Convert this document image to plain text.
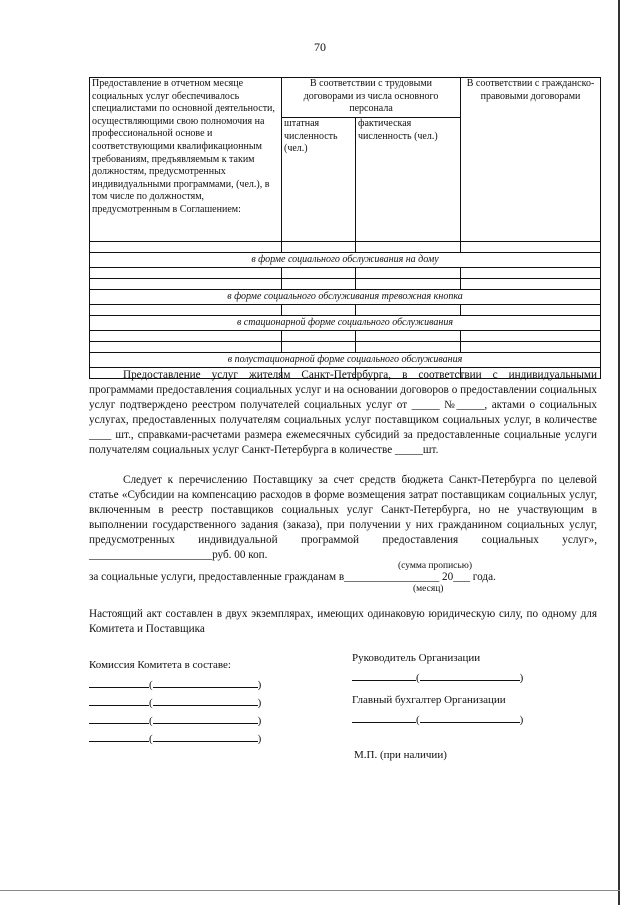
70
Предоставление в отчетном месяце социальных услуг обеспечивалось специалистами по основной деятельности, осуществляющими свою полномочия на профессиональной основе и соответствующими квалификационным требованиям, предъявляемым к таким должностям, предусмотренных индивидуальными программами, (чел.), в том числе по должностям, предусмотренным в Соглашением:	В соответствии с трудовыми договорами из числа основного персонала		В соответствии с гражданско-правовыми договорами
	штатная численность (чел.)	фактическая численность (чел.)	

в форме социального обслуживания на дому			

в форме социального обслуживания тревожная кнопка			

в стационарной форме социального обслуживания			

в полустационарной форме социального обслуживания			

Предоставление услуг жителям Санкт-Петербурга, в соответствии с индивидуальными программами предоставления социальных услуг и на основании договоров о предоставлении социальных услуг подтверждено реестром получателей социальных услуг от _____ №_____, актами о социальных услугах, предоставленных получателям социальных услуг поставщиком социальных услуг, в количестве ____ шт., справками-расчетами размера ежемесячных субсидий за предоставленные социальные услуги получателям социальных услуг Санкт-Петербурга в количестве _____шт.
Следует к перечислению Поставщику за счет средств бюджета Санкт-Петербурга по целевой статье «Субсидии на компенсацию расходов в форме возмещения затрат поставщикам социальных услуг, включенным в реестр поставщиков социальных услуг Санкт-Петербурга, но не участвующим в выполнении государственного задания (заказа), при получении у них гражданином социальных услуг, предусмотренных индивидуальной программой предоставления социальных услуг», ______________________руб. 00 коп.
(сумма прописью)
за социальные услуги, предоставленные гражданам в_________________ 20___ года.
(месяц)
Настоящий акт составлен в двух экземплярах, имеющих одинаковую юридическую силу, по одному для Комитета и Поставщика
Комиссия Комитета в составе:
(	)
(	)
(	)
(	)
Руководитель Организации
(	)
Главный бухгалтер Организации
(	)
М.П. (при наличии)
